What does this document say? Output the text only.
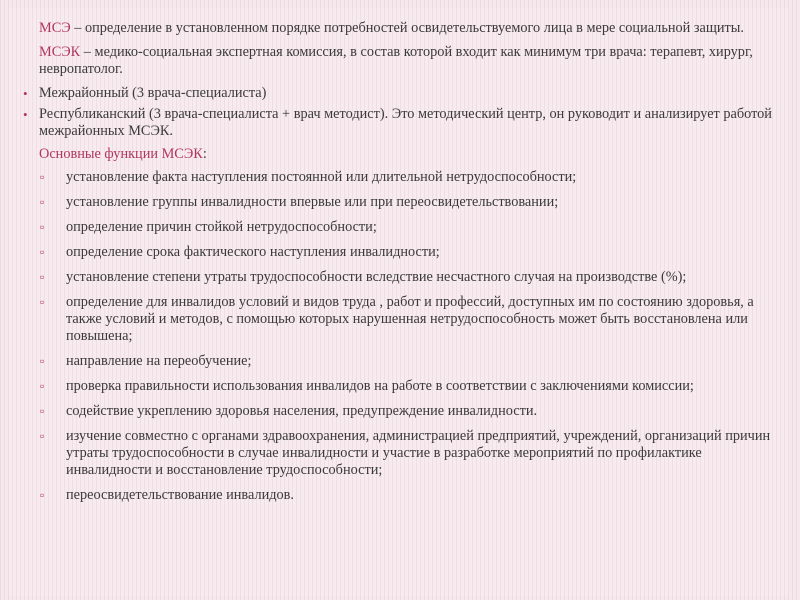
МСЭ – определение в установленном порядке потребностей освидетельствуемого лица в мере социальной защиты.

МСЭК – медико-социальная экспертная комиссия, в состав которой входит как минимум три врача: терапевт, хирург, невропатолог.

• Межрайонный (3 врача-специалиста)
• Республиканский (3 врача-специалиста + врач методист). Это методический центр, он руководит и анализирует работой межрайонных МСЭК.

Основные функции МСЭК:

▫ установление факта наступления постоянной или длительной нетрудоспособности;
▫ установление группы инвалидности впервые или при переосвидетельствовании;
▫ определение причин стойкой нетрудоспособности;
▫ определение срока фактического наступления инвалидности;
▫ установление степени утраты трудоспособности вследствие несчастного случая на производстве (%);
▫ определение для инвалидов условий и видов труда , работ и профессий, доступных им по состоянию здоровья, а также условий и методов, с помощью которых нарушенная нетрудоспособность может быть восстановлена или повышена;
▫ направление на переобучение;
▫ проверка правильности использования инвалидов на работе в соответствии с заключениями комиссии;
▫ содействие укреплению здоровья населения, предупреждение инвалидности.
▫ изучение совместно с органами здравоохранения, администрацией предприятий, учреждений, организаций причин утраты трудоспособности в случае инвалидности и участие в разработке мероприятий по профилактике инвалидности и восстановление трудоспособности;
▫ переосвидетельствование инвалидов.
